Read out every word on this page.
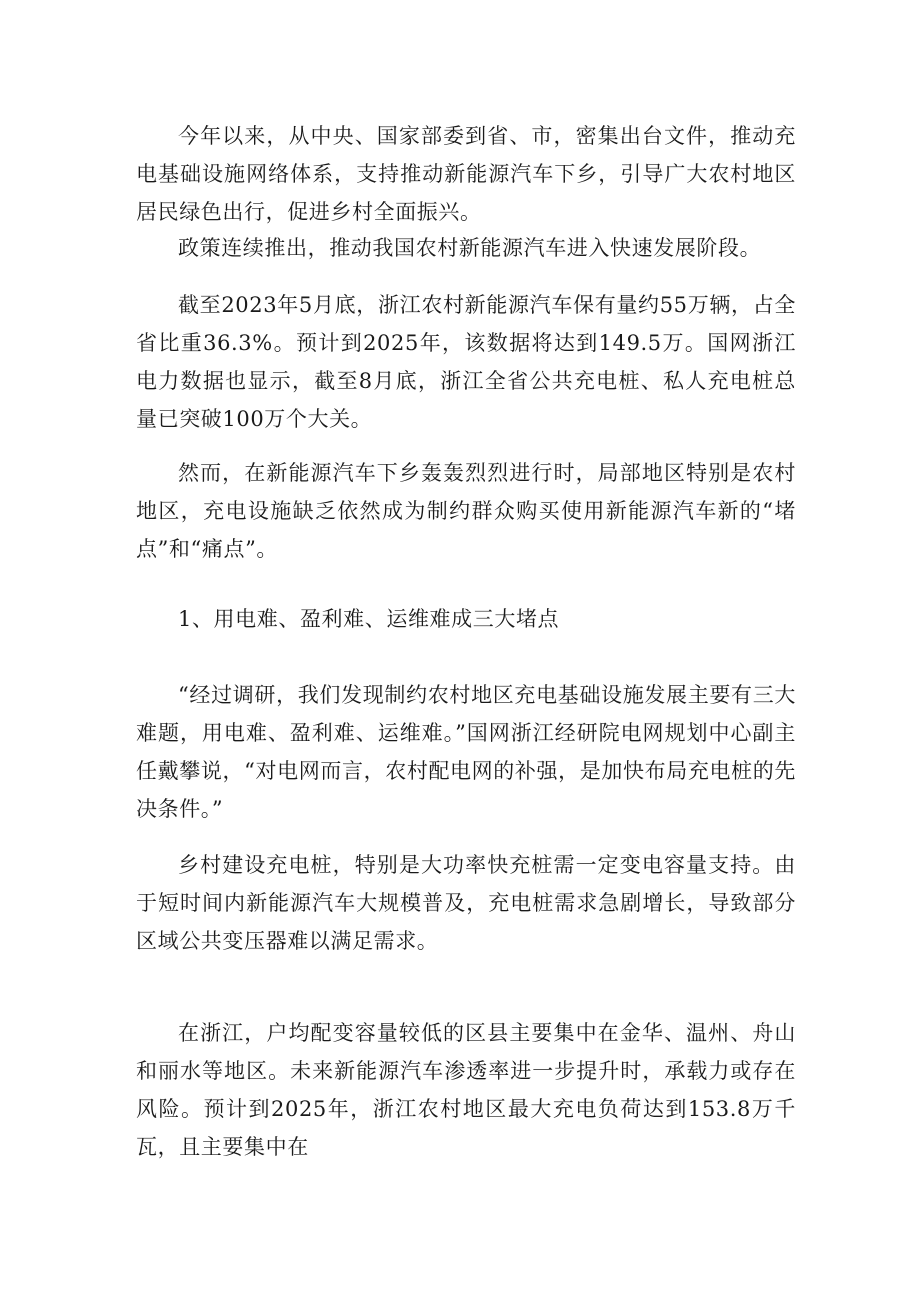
今年以来，从中央、国家部委到省、市，密集出台文件，推动充电基础设施网络体系，支持推动新能源汽车下乡，引导广大农村地区居民绿色出行，促进乡村全面振兴。

政策连续推出，推动我国农村新能源汽车进入快速发展阶段。

截至2023年5月底，浙江农村新能源汽车保有量约55万辆，占全省比重36.3%。预计到2025年，该数据将达到149.5万。国网浙江电力数据也显示，截至8月底，浙江全省公共充电桩、私人充电桩总量已突破100万个大关。

然而，在新能源汽车下乡轰轰烈烈进行时，局部地区特别是农村地区，充电设施缺乏依然成为制约群众购买使用新能源汽车新的“堵点”和“痛点”。

1、用电难、盈利难、运维难成三大堵点

“经过调研，我们发现制约农村地区充电基础设施发展主要有三大难题，用电难、盈利难、运维难。”国网浙江经研院电网规划中心副主任戴攀说，“对电网而言，农村配电网的补强，是加快布局充电桩的先决条件。”

乡村建设充电桩，特别是大功率快充桩需一定变电容量支持。由于短时间内新能源汽车大规模普及，充电桩需求急剧增长，导致部分区域公共变压器难以满足需求。

在浙江，户均配变容量较低的区县主要集中在金华、温州、舟山和丽水等地区。未来新能源汽车渗透率进一步提升时，承载力或存在风险。预计到2025年，浙江农村地区最大充电负荷达到153.8万千瓦，且主要集中在
